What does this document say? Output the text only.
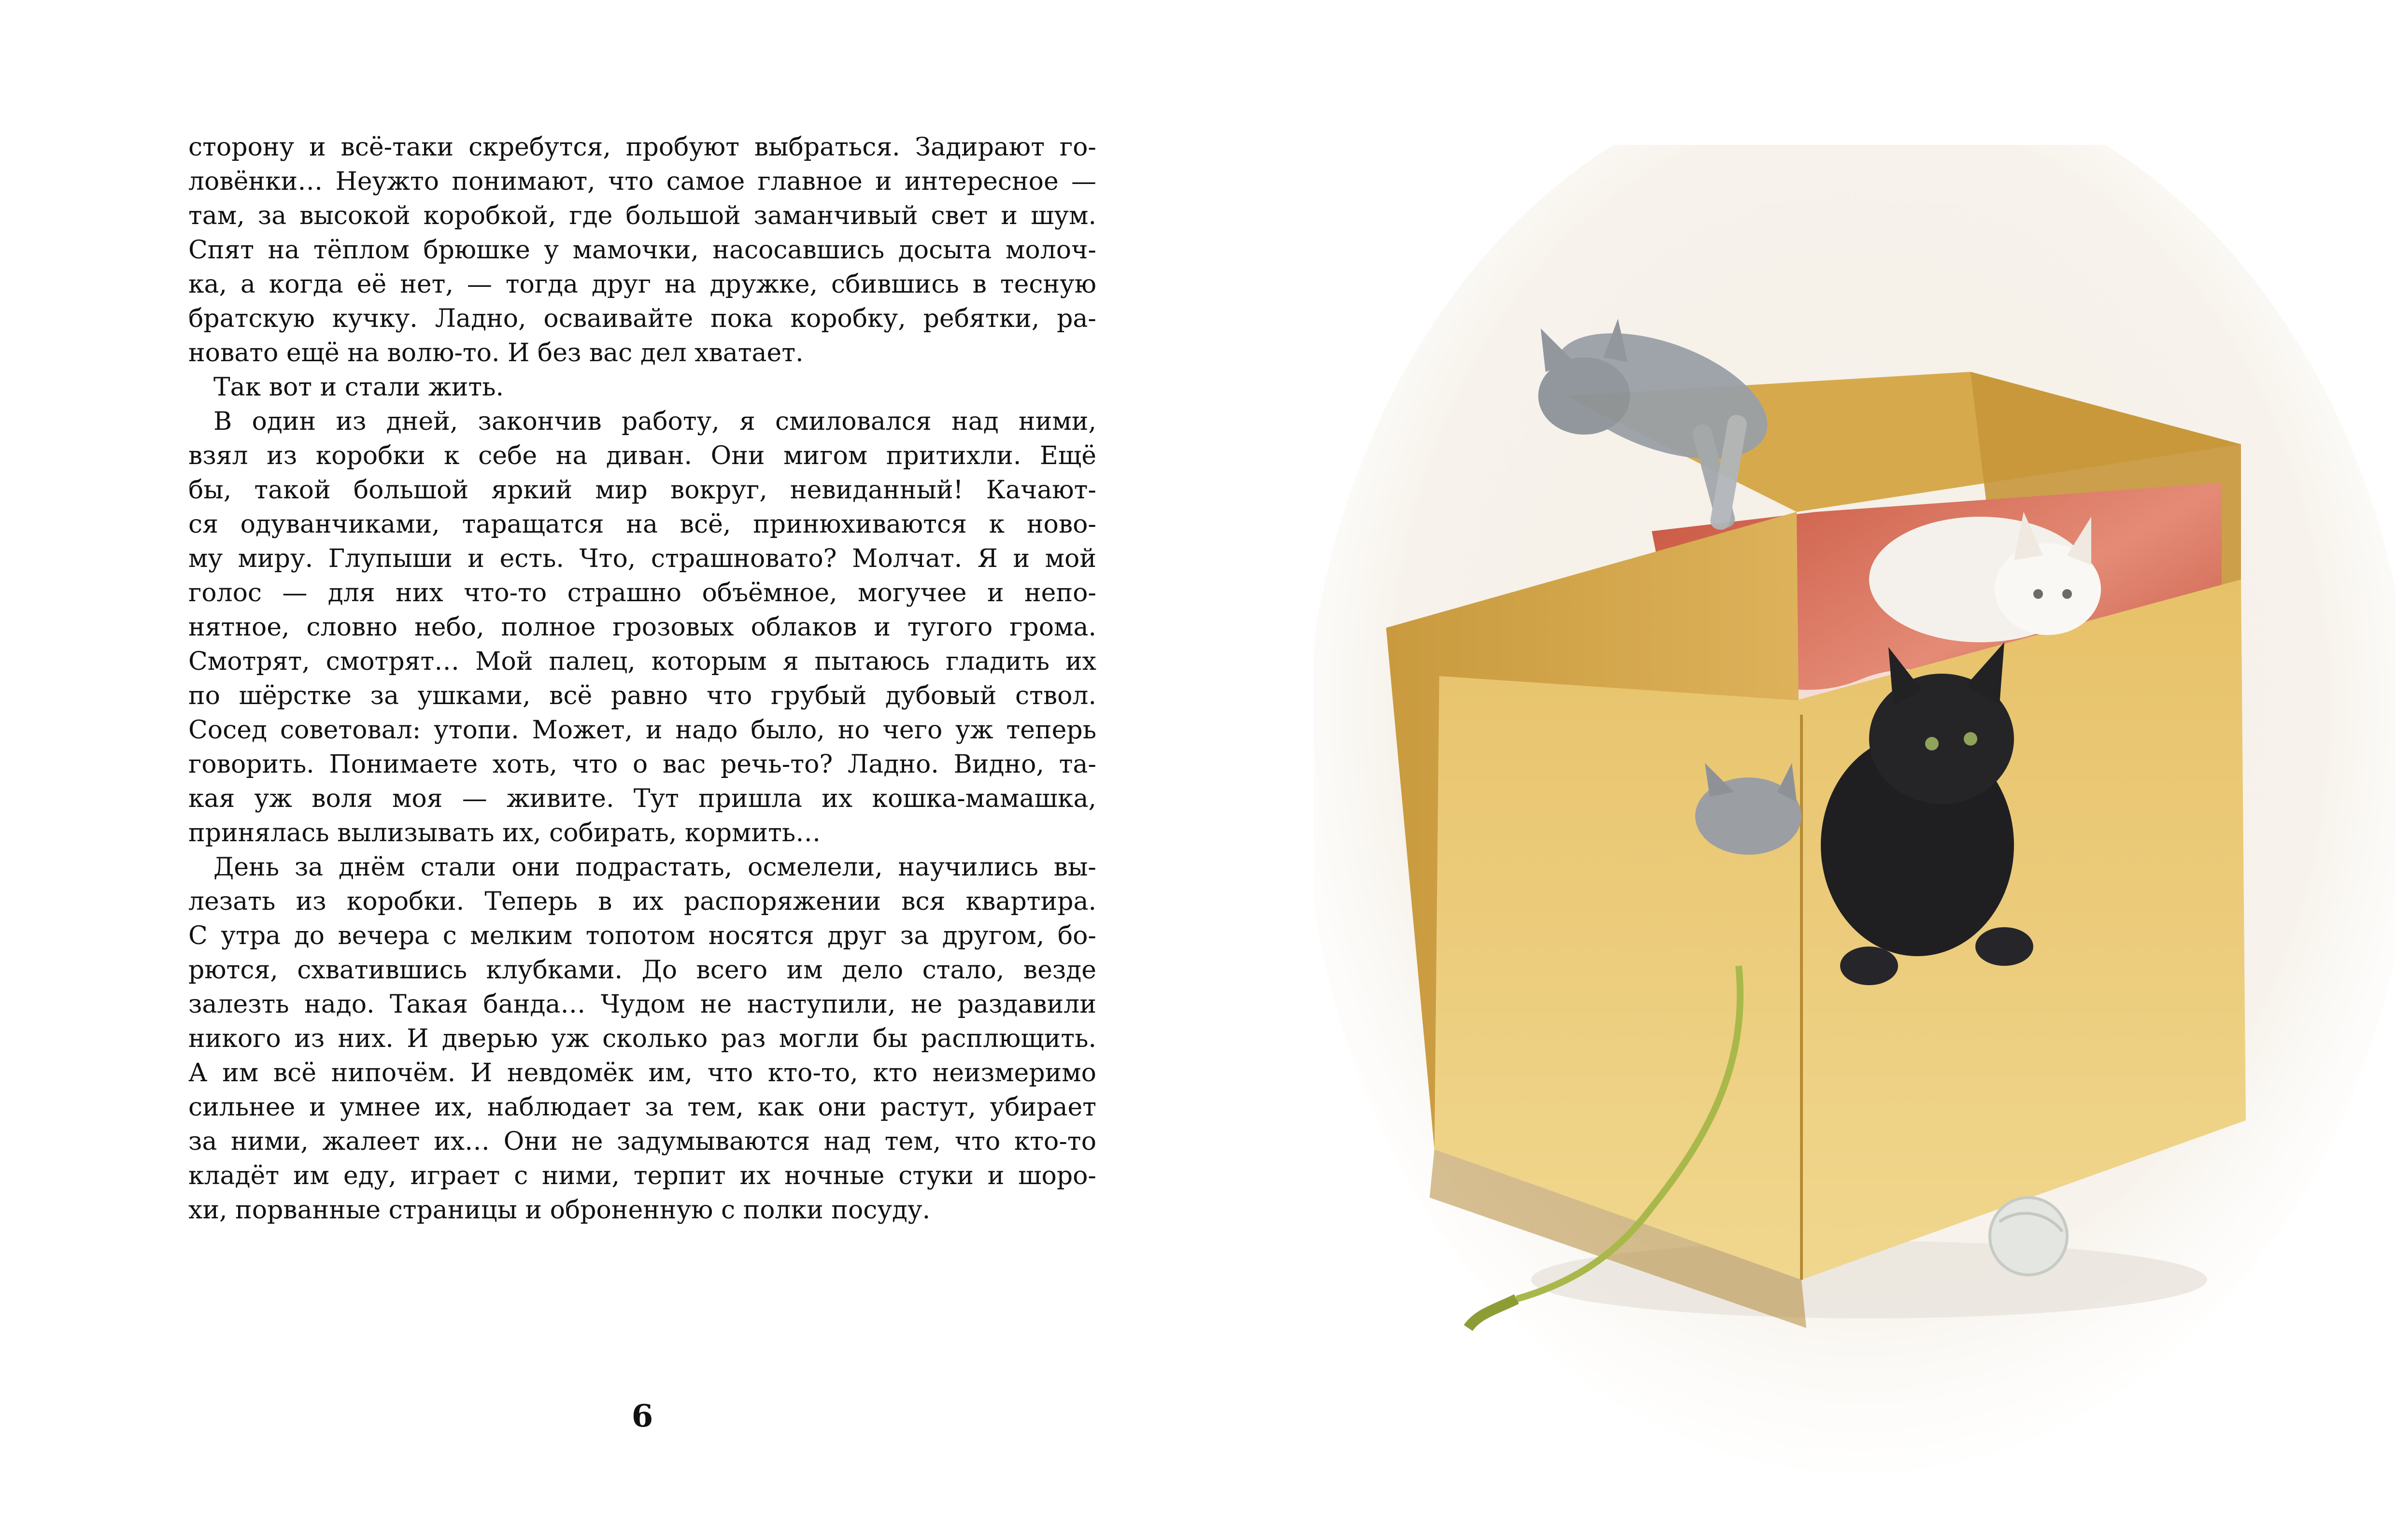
сторону и всё-таки скребутся, пробуют выбраться. Задирают го-
ловёнки… Неужто понимают, что самое главное и интересное —
там, за высокой коробкой, где большой заманчивый свет и шум.
Спят на тёплом брюшке у мамочки, насосавшись досыта молоч-
ка, а когда её нет, — тогда друг на дружке, сбившись в тесную
братскую кучку. Ладно, осваивайте пока коробку, ребятки, ра-
новато ещё на волю-то. И без вас дел хватает.
Так вот и стали жить.
В один из дней, закончив работу, я смиловался над ними,
взял из коробки к себе на диван. Они мигом притихли. Ещё
бы, такой большой яркий мир вокруг, невиданный! Качают-
ся одуванчиками, таращатся на всё, принюхиваются к ново-
му миру. Глупыши и есть. Что, страшновато? Молчат. Я и мой
голос — для них что-то страшно объёмное, могучее и непо-
нятное, словно небо, полное грозовых облаков и тугого грома.
Смотрят, смотрят… Мой палец, которым я пытаюсь гладить их
по шёрстке за ушками, всё равно что грубый дубовый ствол.
Сосед советовал: утопи. Может, и надо было, но чего уж теперь
говорить. Понимаете хоть, что о вас речь-то? Ладно. Видно, та-
кая уж воля моя — живите. Тут пришла их кошка-мамашка,
принялась вылизывать их, собирать, кормить…
День за днём стали они подрастать, осмелели, научились вы-
лезать из коробки. Теперь в их распоряжении вся квартира.
С утра до вечера с мелким топотом носятся друг за другом, бо-
рются, схватившись клубками. До всего им дело стало, везде
залезть надо. Такая банда… Чудом не наступили, не раздавили
никого из них. И дверью уж сколько раз могли бы расплющить.
А им всё нипочём. И невдомёк им, что кто-то, кто неизмеримо
сильнее и умнее их, наблюдает за тем, как они растут, убирает
за ними, жалеет их… Они не задумываются над тем, что кто-то
кладёт им еду, играет с ними, терпит их ночные стуки и шоро-
хи, порванные страницы и оброненную с полки посуду.
6
